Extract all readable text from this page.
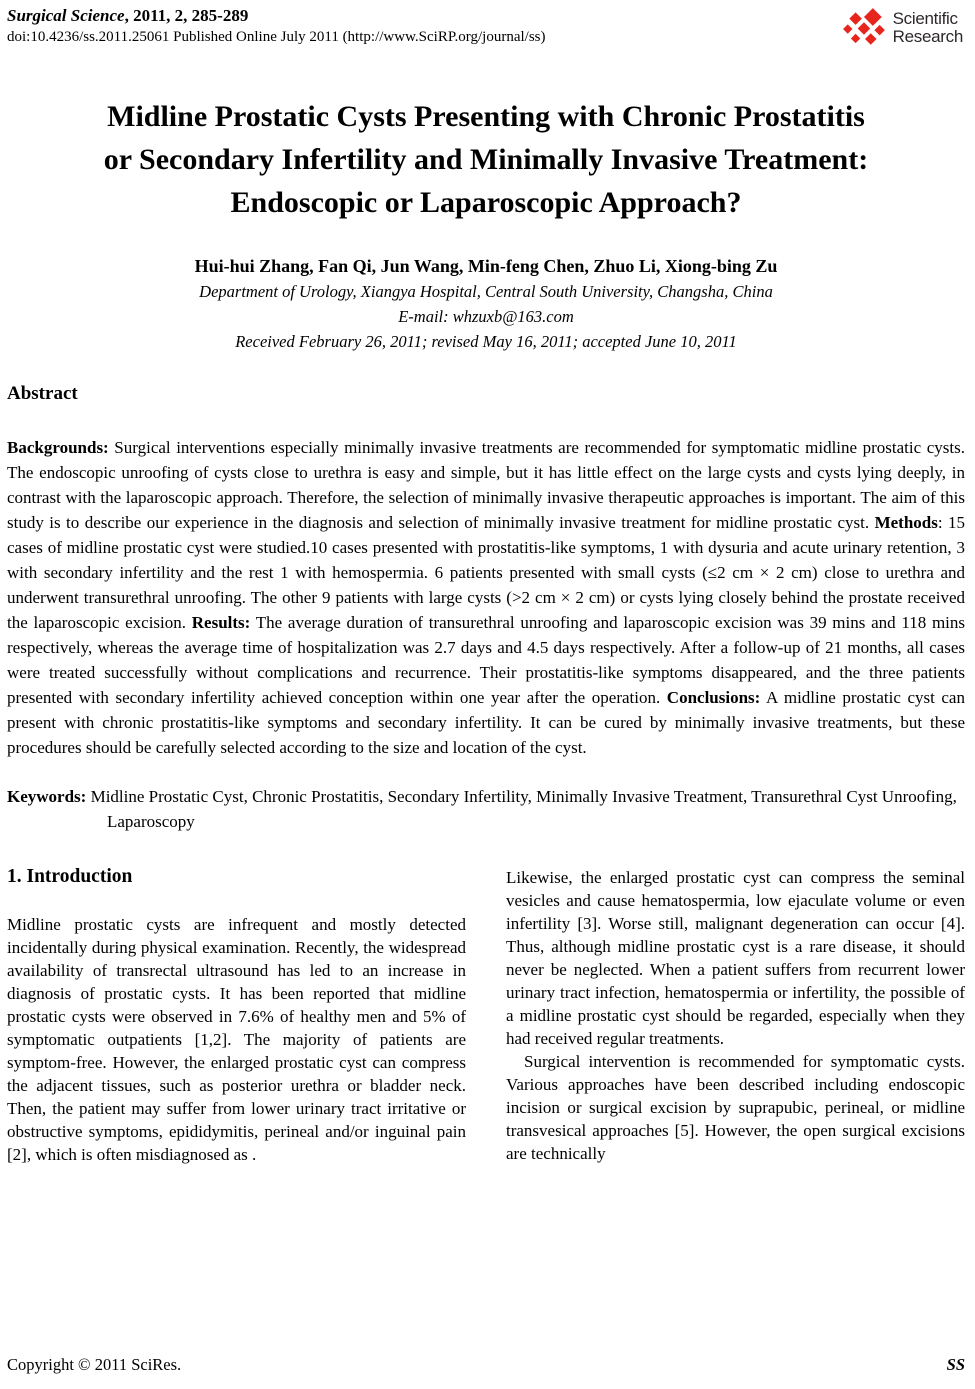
Surgical Science, 2011, 2, 285-289
doi:10.4236/ss.2011.25061 Published Online July 2011 (http://www.SciRP.org/journal/ss)
Scientific
Research
Midline Prostatic Cysts Presenting with Chronic Prostatitis
or Secondary Infertility and Minimally Invasive Treatment:
Endoscopic or Laparoscopic Approach?
Hui-hui Zhang, Fan Qi, Jun Wang, Min-feng Chen, Zhuo Li, Xiong-bing Zu
Department of Urology, Xiangya Hospital, Central South University, Changsha, China
E-mail: whzuxb@163.com
Received February 26, 2011; revised May 16, 2011; accepted June 10, 2011
Abstract

Backgrounds: Surgical interventions especially minimally invasive treatments are recommended for symptomatic midline prostatic cysts. The endoscopic unroofing of cysts close to urethra is easy and simple, but it has little effect on the large cysts and cysts lying deeply, in contrast with the laparoscopic approach. Therefore, the selection of minimally invasive therapeutic approaches is important. The aim of this study is to describe our experience in the diagnosis and selection of minimally invasive treatment for midline prostatic cyst. Methods: 15 cases of midline prostatic cyst were studied.10 cases presented with prostatitis-like symptoms, 1 with dysuria and acute urinary retention, 3 with secondary infertility and the rest 1 with hemospermia. 6 patients presented with small cysts (≤2 cm × 2 cm) close to urethra and underwent transurethral unroofing. The other 9 patients with large cysts (>2 cm × 2 cm) or cysts lying closely behind the prostate received the laparoscopic excision. Results: The average duration of transurethral unroofing and laparoscopic excision was 39 mins and 118 mins respectively, whereas the average time of hospitalization was 2.7 days and 4.5 days respectively. After a follow-up of 21 months, all cases were treated successfully without complications and recurrence. Their prostatitis-like symptoms disappeared, and the three patients presented with secondary infertility achieved conception within one year after the operation. Conclusions: A midline prostatic cyst can present with chronic prostatitis-like symptoms and secondary infertility. It can be cured by minimally invasive treatments, but these procedures should be carefully selected according to the size and location of the cyst.

Keywords: Midline Prostatic Cyst, Chronic Prostatitis, Secondary Infertility, Minimally Invasive Treatment, Transurethral Cyst Unroofing, Laparoscopy

1. Introduction

Midline prostatic cysts are infrequent and mostly detected incidentally during physical examination. Recently, the widespread availability of transrectal ultrasound has led to an increase in diagnosis of prostatic cysts. It has been reported that midline prostatic cysts were observed in 7.6% of healthy men and 5% of symptomatic outpatients [1,2]. The majority of patients are symptom-free. However, the enlarged prostatic cyst can compress the adjacent tissues, such as posterior urethra or bladder neck. Then, the patient may suffer from lower urinary tract irritative or obstructive symptoms, epididymitis, perineal and/or inguinal pain [2], which is often misdiagnosed as .

Likewise, the enlarged prostatic cyst can compress the seminal vesicles and cause hematospermia, low ejaculate volume or even infertility [3]. Worse still, malignant degeneration can occur [4]. Thus, although midline prostatic cyst is a rare disease, it should never be neglected. When a patient suffers from recurrent lower urinary tract infection, hematospermia or infertility, the possible of a midline prostatic cyst should be regarded, especially when they had received regular treatments.

Surgical intervention is recommended for symptomatic cysts. Various approaches have been described including endoscopic incision or surgical excision by suprapubic, perineal, or midline transvesical approaches [5]. However, the open surgical excisions are technically

Copyright © 2011 SciRes.	SS
